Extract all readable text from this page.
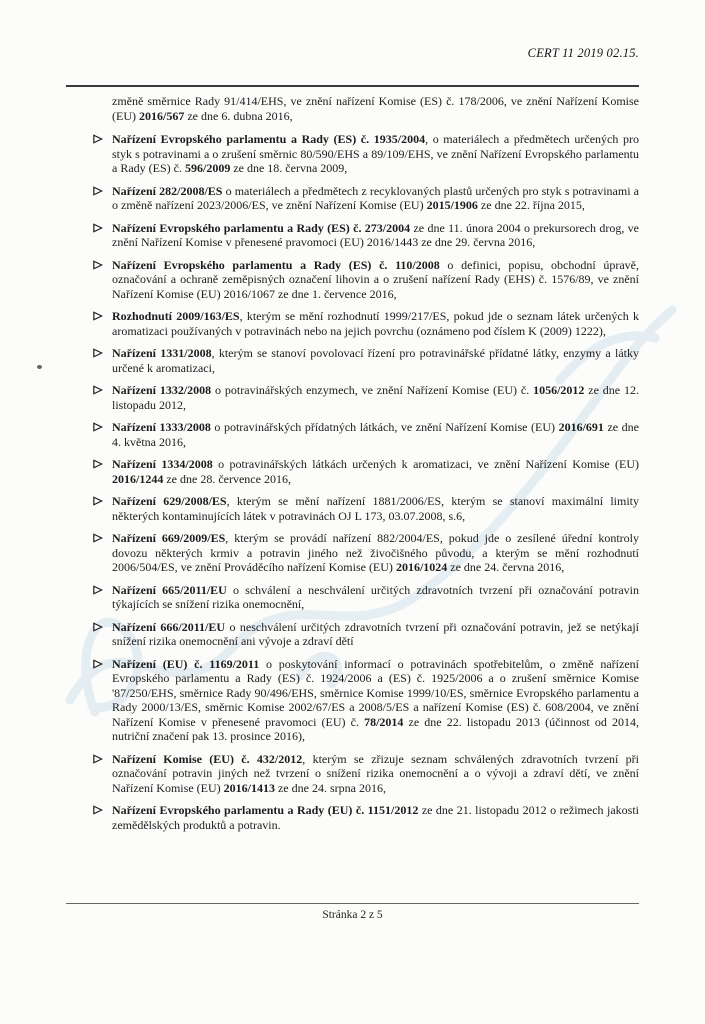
CERT 11 2019 02.15.

změně směrnice Rady 91/414/EHS, ve znění nařízení Komise (ES) č. 178/2006, ve znění Nařízení Komise (EU) 2016/567 ze dne 6. dubna 2016,

Nařízení Evropského parlamentu a Rady (ES) č. 1935/2004, o materiálech a předmětech určených pro styk s potravinami a o zrušení směrnic 80/590/EHS a 89/109/EHS, ve znění Nařízení Evropského parlamentu a Rady (ES) č. 596/2009 ze dne 18. června 2009,
Nařízení 282/2008/ES o materiálech a předmětech z recyklovaných plastů určených pro styk s potravinami a o změně nařízení 2023/2006/ES, ve znění Nařízení Komise (EU) 2015/1906 ze dne 22. října 2015,
Nařízení Evropského parlamentu a Rady (ES) č. 273/2004 ze dne 11. února 2004 o prekursorech drog, ve znění Nařízení Komise v přenesené pravomoci (EU) 2016/1443 ze dne 29. června 2016,
Nařízení Evropského parlamentu a Rady (ES) č. 110/2008 o definici, popisu, obchodní úpravě, označování a ochraně zeměpisných označení lihovin a o zrušení nařízení Rady (EHS) č. 1576/89, ve znění Nařízení Komise (EU) 2016/1067 ze dne 1. července 2016,
Rozhodnutí 2009/163/ES, kterým se mění rozhodnutí 1999/217/ES, pokud jde o seznam látek určených k aromatizaci používaných v potravinách nebo na jejich povrchu (oznámeno pod číslem K (2009) 1222),
Nařízení 1331/2008, kterým se stanoví povolovací řízení pro potravinářské přídatné látky, enzymy a látky určené k aromatizaci,
Nařízení 1332/2008 o potravinářských enzymech, ve znění Nařízení Komise (EU) č. 1056/2012 ze dne 12. listopadu 2012,
Nařízení 1333/2008 o potravinářských přídatných látkách, ve znění Nařízení Komise (EU) 2016/691 ze dne 4. května 2016,
Nařízení 1334/2008 o potravinářských látkách určených k aromatizaci, ve znění Nařízení Komise (EU) 2016/1244 ze dne 28. července 2016,
Nařízení 629/2008/ES, kterým se mění nařízení 1881/2006/ES, kterým se stanoví maximální limity některých kontaminujících látek v potravinách OJ L 173, 03.07.2008, s.6,
Nařízení 669/2009/ES, kterým se provádí nařízení 882/2004/ES, pokud jde o zesílené úřední kontroly dovozu některých krmiv a potravin jiného než živočišného původu, a kterým se mění rozhodnutí 2006/504/ES, ve znění Prováděcího nařízení Komise (EU) 2016/1024 ze dne 24. června 2016,
Nařízení 665/2011/EU o schválení a neschválení určitých zdravotních tvrzení při označování potravin týkajících se snížení rizika onemocnění,
Nařízení 666/2011/EU o neschválení určitých zdravotních tvrzení při označování potravin, jež se netýkají snížení rizika onemocnění ani vývoje a zdraví dětí
Nařízení (EU) č. 1169/2011 o poskytování informací o potravinách spotřebitelům, o změně nařízení Evropského parlamentu a Rady (ES) č. 1924/2006 a (ES) č. 1925/2006 a o zrušení směrnice Komise '87/250/EHS, směrnice Rady 90/496/EHS, směrnice Komise 1999/10/ES, směrnice Evropského parlamentu a Rady 2000/13/ES, směrnic Komise 2002/67/ES a 2008/5/ES a nařízení Komise (ES) č. 608/2004, ve znění Nařízení Komise v přenesené pravomoci (EU) č. 78/2014 ze dne 22. listopadu 2013 (účinnost od 2014, nutriční značení pak 13. prosince 2016),
Nařízení Komise (EU) č. 432/2012, kterým se zřizuje seznam schválených zdravotních tvrzení při označování potravin jiných než tvrzení o snížení rizika onemocnění a o vývoji a zdraví dětí, ve znění Nařízení Komise (EU) 2016/1413 ze dne 24. srpna 2016,
Nařízení Evropského parlamentu a Rady (EU) č. 1151/2012 ze dne 21. listopadu 2012 o režimech jakosti zemědělských produktů a potravin.
Stránka 2 z 5
